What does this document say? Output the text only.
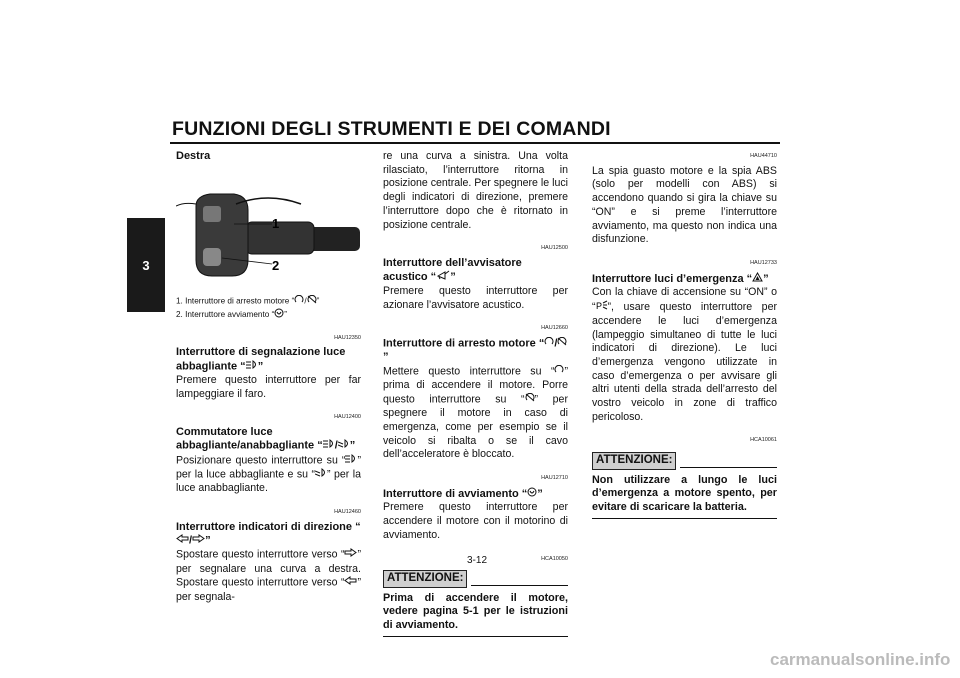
FUNZIONI DEGLI STRUMENTI E DEI COMANDI
3
Destra
1
2
1. Interruttore di arresto motore “ / ”
2. Interruttore avviamento “ ”
HAU12350
Interruttore di segnalazione luce abbagliante “ ”
Premere questo interruttore per far lampeggiare il faro.
HAU12400
Commutatore luce abbagliante/anabbagliante “ / ”
Posizionare questo interruttore su “ ” per la luce abbagliante e su “ ” per la luce anabbagliante.
HAU12460
Interruttore indicatori di direzione “/ ”
Spostare questo interruttore verso “ ” per segnalare una curva a destra. Spostare questo interruttore verso “ ” per segnala-
re una curva a sinistra. Una volta rilasciato, l’interruttore ritorna in posizione centrale. Per spegnere le luci degli indicatori di direzione, premere l’interruttore dopo che è ritornato in posizione centrale.
HAU12500
Interruttore dell’avvisatore acustico “ ”
Premere questo interruttore per azionare l’avvisatore acustico.
HAU12660
Interruttore di arresto motore “ /”
Mettere questo interruttore su “ ” prima di accendere il motore. Porre questo interruttore su “ ” per spegnere il motore in caso di emergenza, come per esempio se il veicolo si ribalta o se il cavo dell’acceleratore è bloccato.
HAU12710
Interruttore di avviamento “ ”
Premere questo interruttore per accendere il motore con il motorino di avviamento.
HCA10050
ATTENZIONE:
Prima di accendere il motore, vedere pagina 5-1 per le istruzioni di avviamento.
HAU44710
La spia guasto motore e la spia ABS (solo per modelli con ABS) si accendono quando si gira la chiave su “ON” e si preme l’interruttore avviamento, ma questo non indica una disfunzione.
HAU12733
Interruttore luci d’emergenza “ ”
Con la chiave di accensione su “ON” o “ P ”, usare questo interruttore per accendere le luci d’emergenza (lampeggio simultaneo di tutte le luci indicatori di direzione). Le luci d’emergenza vengono utilizzate in caso d’emergenza o per avvisare gli altri utenti della strada dell’arresto del vostro veicolo in zone di traffico pericoloso.
HCA10061
ATTENZIONE:
Non utilizzare a lungo le luci d’emergenza a motore spento, per evitare di scaricare la batteria.
3-12
carmanualsonline.info
